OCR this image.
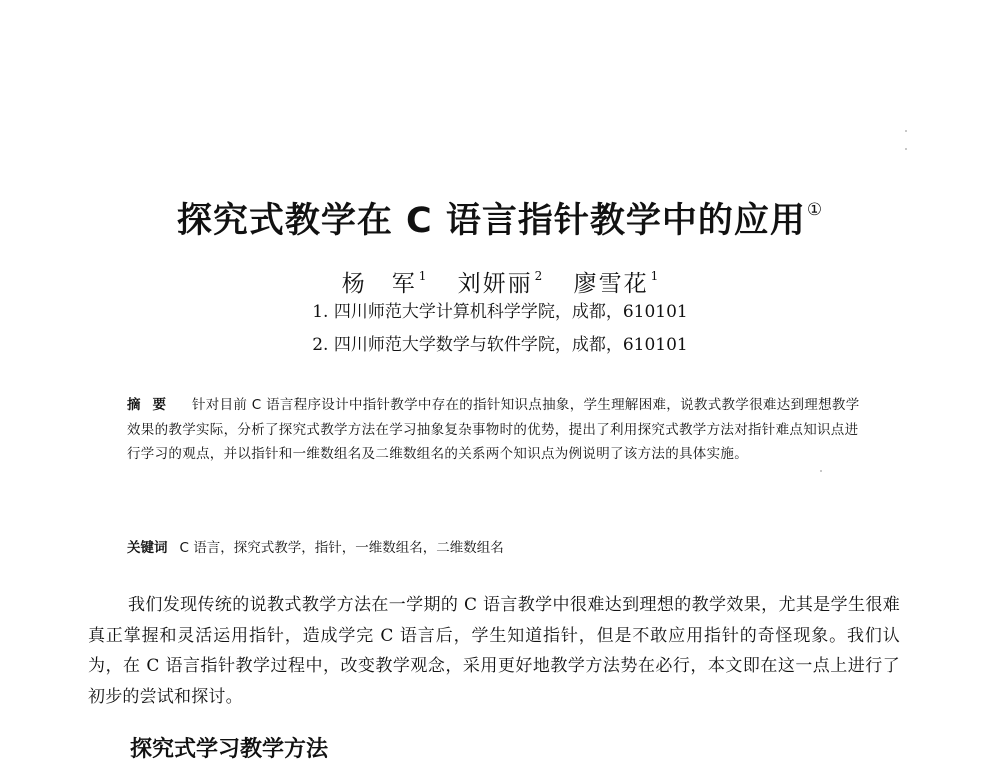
探究式教学在 C 语言指针教学中的应用①
杨　军 $^1$ 刘妍丽 $^2$ 廖雪花 $^1$
1. 四川师范大学计算机科学学院，成都，610101
2. 四川师范大学数学与软件学院，成都，610101
摘要 针对目前 C 语言程序设计中指针教学中存在的指针知识点抽象，学生理解困难，说教式教学很难达到理想教学效果的教学实际，分析了探究式教学方法在学习抽象复杂事物时的优势，提出了利用探究式教学方法对指针难点知识点进行学习的观点，并以指针和一维数组名及二维数组名的关系两个知识点为例说明了该方法的具体实施。
关键词 C 语言，探究式教学，指针，一维数组名，二维数组名
我们发现传统的说教式教学方法在一学期的 C 语言教学中很难达到理想的教学效果，尤其是学生很难真正掌握和灵活运用指针，造成学完 C 语言后，学生知道指针，但是不敢应用指针的奇怪现象。我们认为，在 C 语言指针教学过程中，改变教学观念，采用更好地教学方法势在必行，本文即在这一点上进行了初步的尝试和探讨。
探究式学习教学方法
